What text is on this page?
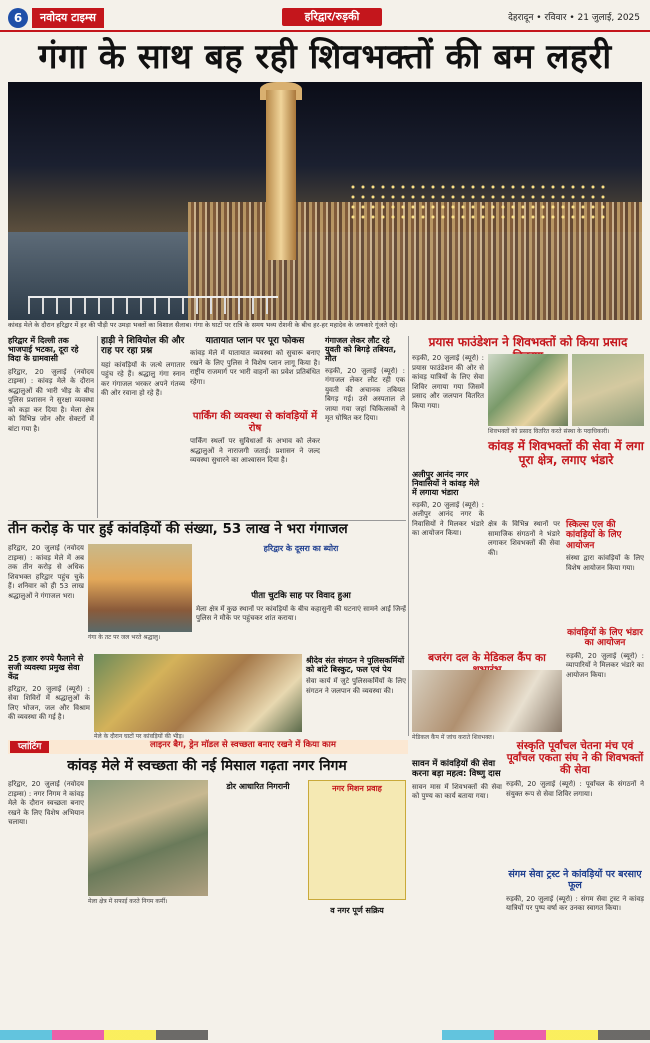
6	नवोदय टाइम्स	हरिद्वार/रुड़की	देहरादून • रविवार • 21 जुलाई, 2025
गंगा के साथ बह रही शिवभक्तों की बम लहरी
कांवड़ मेले के दौरान हरिद्वार में हर की पौड़ी पर उमड़ा भक्तों का विशाल सैलाब। गंगा के घाटों पर रात्रि के समय भव्य रोशनी के बीच हर-हर महादेव के जयकारे गूंजते रहे।
हरिद्वार में दिल्ली तक भाजपाई भटका, दूरा रहे विदा के ग्रामवासी
हरिद्वार, 20 जुलाई (नवोदय टाइम्स) : कांवड़ मेले के दौरान श्रद्धालुओं की भारी भीड़ के बीच पुलिस प्रशासन ने सुरक्षा व्यवस्था को कड़ा कर दिया है। मेला क्षेत्र को विभिन्न जोन और सेक्टरों में बांटा गया है।
हाड़ी ने शिवियोल की और राह पर रहा प्रश्न
यहां कांवड़ियों के जत्थे लगातार पहुंच रहे हैं। श्रद्धालु गंगा स्नान कर गंगाजल भरकर अपने गंतव्य की ओर रवाना हो रहे हैं।
यातायात प्लान पर पूरा फोकस
कांवड़ मेले में यातायात व्यवस्था को सुचारू बनाए रखने के लिए पुलिस ने विशेष प्लान लागू किया है। राष्ट्रीय राजमार्ग पर भारी वाहनों का प्रवेश प्रतिबंधित रहेगा।
पार्किंग की व्यवस्था से कांवड़ियों में रोष
पार्किंग स्थलों पर सुविधाओं के अभाव को लेकर श्रद्धालुओं ने नाराजगी जताई। प्रशासन ने जल्द व्यवस्था सुधारने का आश्वासन दिया है।
गंगाजल लेकर लौट रहे युवती को बिगड़े तबियत, मौत
रुड़की, 20 जुलाई (ब्यूरो) : गंगाजल लेकर लौट रही एक युवती की अचानक तबियत बिगड़ गई। उसे अस्पताल ले जाया गया जहां चिकित्सकों ने मृत घोषित कर दिया।
प्रयास फाउंडेशन ने शिवभक्तों को किया प्रसाद
रुड़की, 20 जुलाई (ब्यूरो) : प्रयास फाउंडेशन की ओर से कांवड़ यात्रियों के लिए सेवा शिविर लगाया गया जिसमें प्रसाद और जलपान वितरित किया गया।
शिवभक्तों को प्रसाद वितरित करते संस्था के पदाधिकारी।
कांवड़ में शिवभक्तों की सेवा में लगा पूरा क्षेत्र, लगाए भंडारे
अलीपुर आनंद नगर निवासियों ने कांवड़ मेले में लगाया भंडारा
रुड़की, 20 जुलाई (ब्यूरो) : अलीपुर आनंद नगर के निवासियों ने मिलकर भंडारे का आयोजन किया।
क्षेत्र के विभिन्न स्थानों पर सामाजिक संगठनों ने भंडारे लगाकर शिवभक्तों की सेवा की।
स्किल्स एल की कांवड़ियों के लिए आयोजन
संस्था द्वारा कांवड़ियों के लिए विशेष आयोजन किया गया।
तीन करोड़ के पार हुई कांवड़ियों की संख्या, 53 लाख ने भरा गंगाजल
हरिद्वार, 20 जुलाई (नवोदय टाइम्स) : कांवड़ मेले में अब तक तीन करोड़ से अधिक शिवभक्त हरिद्वार पहुंच चुके हैं। शनिवार को ही 53 लाख श्रद्धालुओं ने गंगाजल भरा।
गंगा के तट पर जल भरते श्रद्धालु।
हरिद्वार के दूसरा का ब्योरा
पीता चुटकि साह पर विवाद हुआ
मेला क्षेत्र में कुछ स्थानों पर कांवड़ियों के बीच कहासुनी की घटनाएं सामने आईं जिन्हें पुलिस ने मौके पर पहुंचकर शांत कराया।
25 हजार रुपये फैलाने से सजी व्यवस्था प्रमुख सेवा केंद्र
हरिद्वार, 20 जुलाई (ब्यूरो) : सेवा शिविरों में श्रद्धालुओं के लिए भोजन, जल और विश्राम की व्यवस्था की गई है।
मेले के दौरान घाटों पर कांवड़ियों की भीड़।
श्रीदेव संत संगठन ने पुलिसकर्मियों को बांटे बिस्कुट, फल एवं पेय
सेवा कार्य में जुटे पुलिसकर्मियों के लिए संगठन ने जलपान की व्यवस्था की।
बजरंग दल के मेडिकल कैंप का
मेडिकल कैंप में जांच कराते शिवभक्त।
कांवड़ियों के लिए भंडार का आयोजन
रुड़की, 20 जुलाई (ब्यूरो) : व्यापारियों ने मिलकर भंडारे का आयोजन किया।
प्लांटिंग	लाइनर बैग, ड्रेन मॉडल से स्वच्छता बनाए रखने में किया काम
कांवड़ मेले में स्वच्छता की नई मिसाल गढ़ता नगर निगम
हरिद्वार, 20 जुलाई (नवोदय टाइम्स) : नगर निगम ने कांवड़ मेले के दौरान स्वच्छता बनाए रखने के लिए विशेष अभियान चलाया।
मेला क्षेत्र में सफाई करते निगम कर्मी।
डोर आधारित निगरानी	नगर मिशन प्रवाह
व नगर पूर्ण सक्रिय
सावन में कांवड़ियों की सेवा करना बड़ा महत्व: विष्णु दास
सावन मास में शिवभक्तों की सेवा को पुण्य का कार्य बताया गया।
संस्कृति पूर्वांचल चेतना मंच एवं पूर्वांचल एकता संघ ने की शिवभक्तों की सेवा
रुड़की, 20 जुलाई (ब्यूरो) : पूर्वांचल के संगठनों ने संयुक्त रूप से सेवा शिविर लगाया।
संगम सेवा ट्रस्ट ने कांवड़ियों पर बरसाए फूल
रुड़की, 20 जुलाई (ब्यूरो) : संगम सेवा ट्रस्ट ने कांवड़ यात्रियों पर पुष्प वर्षा कर उनका स्वागत किया।
